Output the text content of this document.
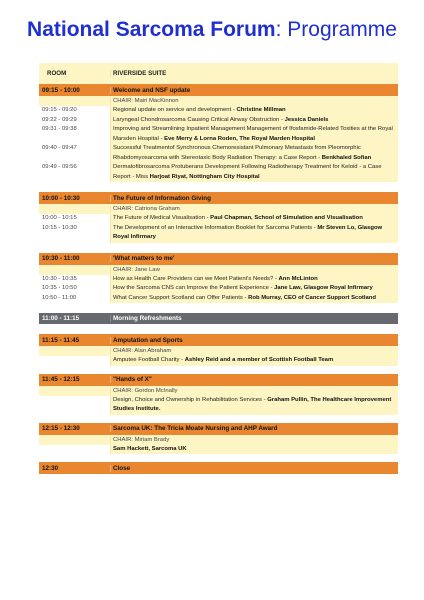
National Sarcoma Forum: Programme
ROOM	RIVERSIDE SUITE
09:15 - 10:00	Welcome and NSF update
CHAIR: Mairi MacKinnon
09:15 - 09:20	Regional update on service and development - Christine Millman
09:22 - 09:29	Laryngeal Chondrosarcoma Causing Critical Airway Obstruction - Jessica Daniels
09:31 - 09:38	Improving and Streamlining Inpatient Management Management of Ifosfamide-Related Toxities at the Royal Marsden Hospital - Eve Merry & Lorna Roden, The Royal Marden Hospital
09:40 - 09:47	Successful Treatmentof Synchronous Chemoresistant Pulmonary Metastasis from Pleomorphic Rhabdomyosarcoma with Stereotaxic Body Radiation Therapy: a Case Report - Benkhaled Sofian
09:49 - 09:56	Dermatofibrosarcoma Protuberans Development Following Radiotherapy Treatment for Keloid - a Case Report - Miss Harjoat Riyat, Nottingham City Hospital
10:00 - 10:30	The Future of Information Giving
CHAIR: Catriona Graham
10:00 - 10:15	The Future of Medical Visualisation - Paul Chapman, School of Simulation and Visualisation
10:15 - 10:30	The Development of an Interactive Information Booklet for Sarcoma Patients - Mr Steven Lo, Glasgow Royal Infirmary
10:30 - 11:00	'What matters to me'
CHAIR: Jane Law
10:30 - 10:35	How as Health Care Providers can we Meet Patient's Needs? - Ann McLinton
10:35 - 10:50	How the Sarcoma CNS can Improve the Patient Experience - Jane Law, Glasgow Royal Infirmary
10:50 - 11:00	What Cancer Support Scotland can Offer Patients - Rob Murray, CEO of Cancer Support Scotland
11:00 - 11:15	Morning Refreshments
11:15 - 11:45	Amputation and Sports
CHAIR: Alan Abraham
Amputee Football Charity - Ashley Reid and a member of Scottish Football Team
11:45 - 12:15	"Hands of X"
CHAIR: Gordon McInally
Design, Choice and Ownership in Rehabilitation Services - Graham Pullin, The Healthcare Improvement Studies Institute.
12:15 - 12:30	Sarcoma UK: The Tricia Moate Nursing and AHP Award
CHAIR: Miriam Brady
Sam Hackett, Sarcoma UK
12:30	Close
